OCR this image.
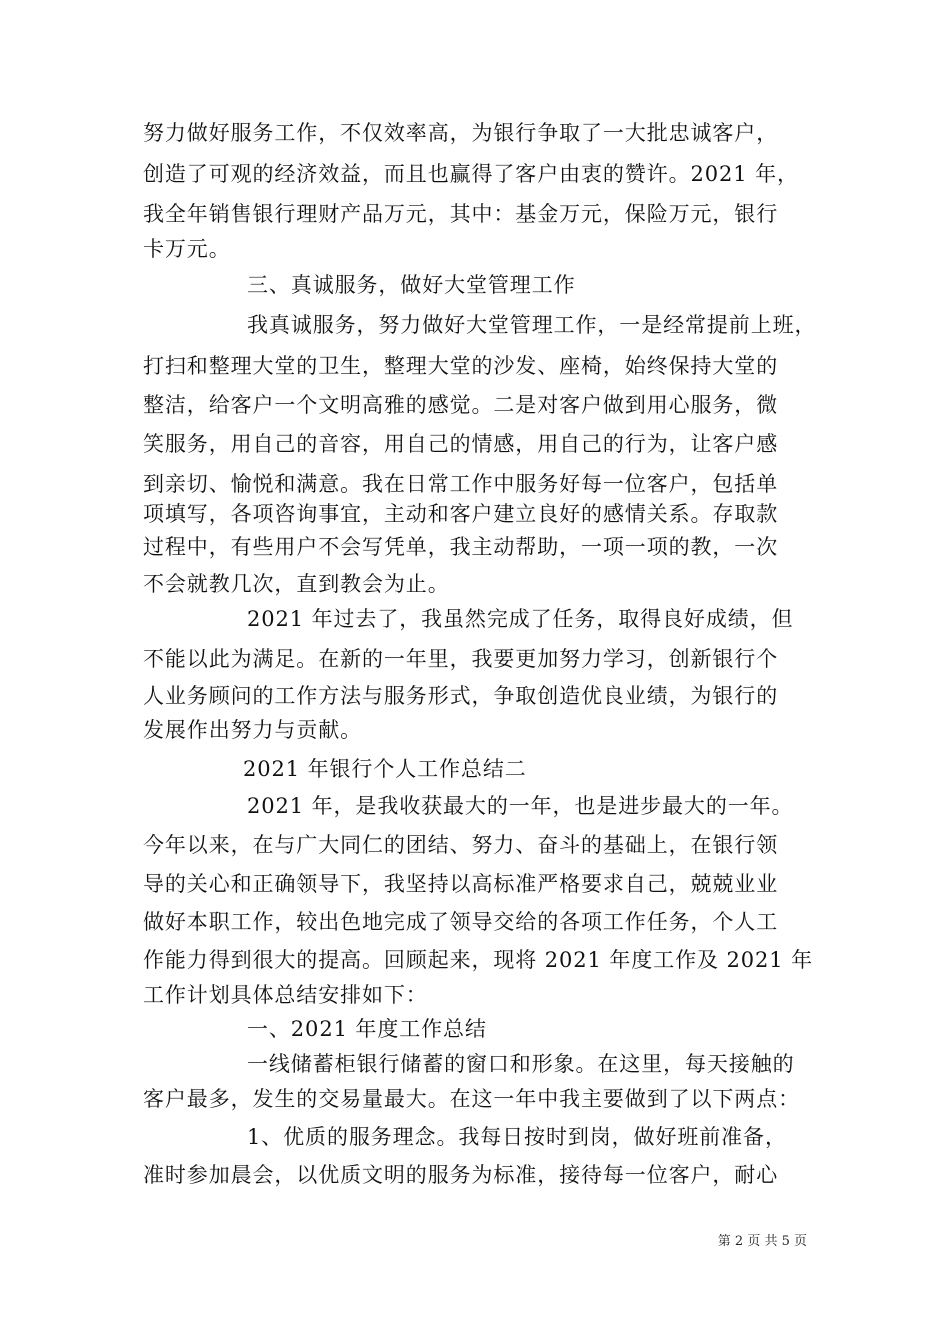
努力做好服务工作，不仅效率高，为银行争取了一大批忠诚客户，
创造了可观的经济效益，而且也赢得了客户由衷的赞许。2021 年，
我全年销售银行理财产品万元，其中：基金万元，保险万元，银行
卡万元。
三、真诚服务，做好大堂管理工作
我真诚服务，努力做好大堂管理工作，一是经常提前上班，
打扫和整理大堂的卫生，整理大堂的沙发、座椅，始终保持大堂的
整洁，给客户一个文明高雅的感觉。二是对客户做到用心服务，微
笑服务，用自己的音容，用自己的情感，用自己的行为，让客户感
到亲切、愉悦和满意。我在日常工作中服务好每一位客户，包括单
项填写，各项咨询事宜，主动和客户建立良好的感情关系。存取款
过程中，有些用户不会写凭单，我主动帮助，一项一项的教，一次
不会就教几次，直到教会为止。
2021 年过去了，我虽然完成了任务，取得良好成绩，但
不能以此为满足。在新的一年里，我要更加努力学习，创新银行个
人业务顾问的工作方法与服务形式，争取创造优良业绩，为银行的
发展作出努力与贡献。
2021 年银行个人工作总结二
2021 年，是我收获最大的一年，也是进步最大的一年。
今年以来，在与广大同仁的团结、努力、奋斗的基础上，在银行领
导的关心和正确领导下，我坚持以高标准严格要求自己，兢兢业业
做好本职工作，较出色地完成了领导交给的各项工作任务，个人工
作能力得到很大的提高。回顾起来，现将 2021 年度工作及 2021 年
工作计划具体总结安排如下：
一、2021 年度工作总结
一线储蓄柜银行储蓄的窗口和形象。在这里，每天接触的
客户最多，发生的交易量最大。在这一年中我主要做到了以下两点：
1、优质的服务理念。我每日按时到岗，做好班前准备，
准时参加晨会，以优质文明的服务为标准，接待每一位客户，耐心
第 2 页 共 5 页
